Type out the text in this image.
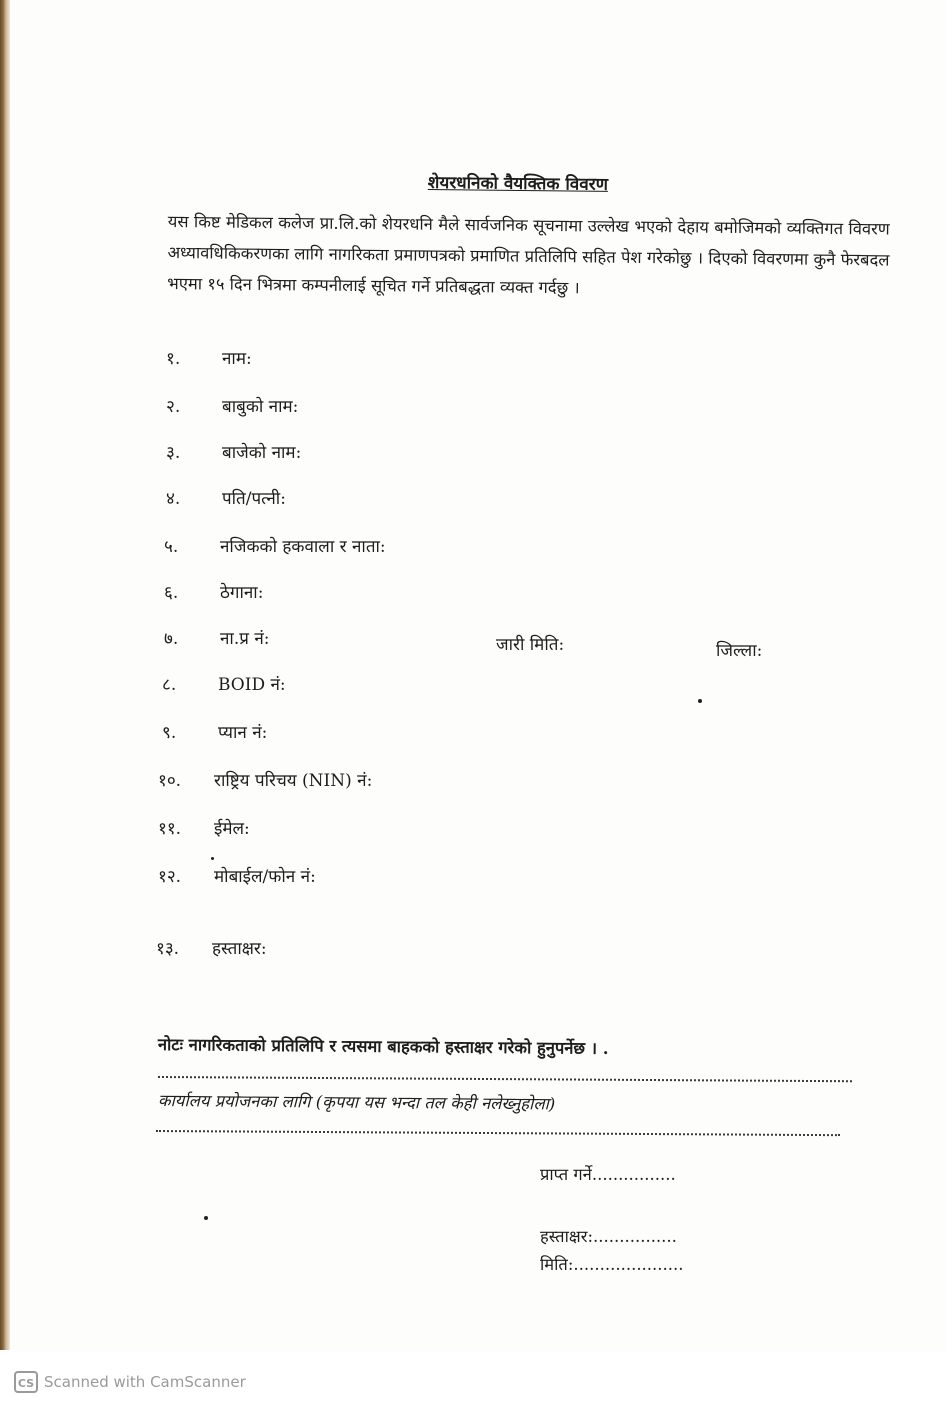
शेयरधनिको वैयक्तिक विवरण
यस किष्ट मेडिकल कलेज प्रा.लि.को शेयरधनि मैले सार्वजनिक सूचनामा उल्लेख भएको देहाय बमोजिमको व्यक्तिगत विवरण अध्यावधिकिकरणका लागि नागरिकता प्रमाणपत्रको प्रमाणित प्रतिलिपि सहित पेश गरेकोछु । दिएको विवरणमा कुनै फेरबदल भएमा १५ दिन भित्रमा कम्पनीलाई सूचित गर्ने प्रतिबद्धता व्यक्त गर्दछु ।
१. नाम:
२. बाबुको नाम:
३. बाजेको नाम:
४. पति/पत्नी:
५. नजिकको हकवाला र नाता:
६. ठेगाना:
७. ना.प्र नं:	जारी मिति:	जिल्ला:
८. BOID नं:
९. प्यान नं:
१०. राष्ट्रिय परिचय (NIN) नं:
११. ईमेल:
१२. मोबाईल/फोन नं:
१३. हस्ताक्षर:
नोटः नागरिकताको प्रतिलिपि र त्यसमा बाहकको हस्ताक्षर गरेको हुनुपर्नेछ । .
कार्यालय प्रयोजनका लागि (कृपया यस भन्दा तल केही नलेख्नुहोला)
प्राप्त गर्ने................
हस्ताक्षर:................
मिति:.....................
CS Scanned with CamScanner
